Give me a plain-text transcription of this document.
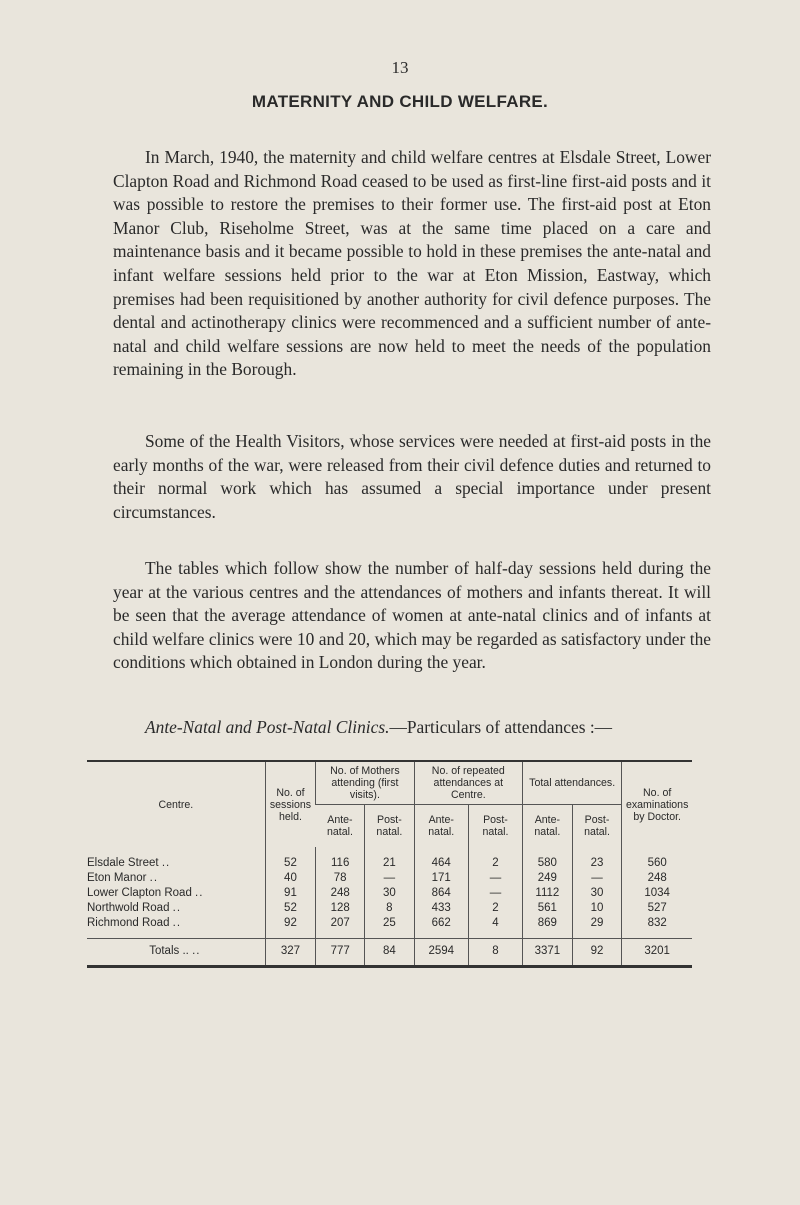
13
MATERNITY AND CHILD WELFARE.

In March, 1940, the maternity and child welfare centres at Elsdale Street, Lower Clapton Road and Richmond Road ceased to be used as first-line first-aid posts and it was possible to restore the premises to their former use. The first-aid post at Eton Manor Club, Riseholme Street, was at the same time placed on a care and maintenance basis and it became possible to hold in these premises the ante-natal and infant welfare sessions held prior to the war at Eton Mission, Eastway, which premises had been requisitioned by another authority for civil defence purposes. The dental and actinotherapy clinics were recommenced and a sufficient number of ante-natal and child welfare sessions are now held to meet the needs of the population remaining in the Borough.

Some of the Health Visitors, whose services were needed at first-aid posts in the early months of the war, were released from their civil defence duties and returned to their normal work which has assumed a special importance under present circumstances.

The tables which follow show the number of half-day sessions held during the year at the various centres and the attendances of mothers and infants thereat. It will be seen that the average attendance of women at ante-natal clinics and of infants at child welfare clinics were 10 and 20, which may be regarded as satisfactory under the conditions which obtained in London during the year.

Ante-Natal and Post-Natal Clinics.—Particulars of attendances :—

Centre.	No. of sessions held.	No. of Mothers attending (first visits).		No. of repeated attendances at Centre.		Total attendances.		No. of examinations by Doctor.
		Ante- natal.	Post- natal.	Ante- natal.	Post- natal.	Ante- natal.	Post- natal.	
Elsdale Street ..	52	116	21	464	2	580	23	560
Eton Manor ..	40	78	—	171	—	249	—	248
Lower Clapton Road ..	91	248	30	864	—	1112	30	1034
Northwold Road ..	52	128	8	433	2	561	10	527
Richmond Road ..	92	207	25	662	4	869	29	832
Totals .. ..	327	777	84	2594	8	3371	92	3201
